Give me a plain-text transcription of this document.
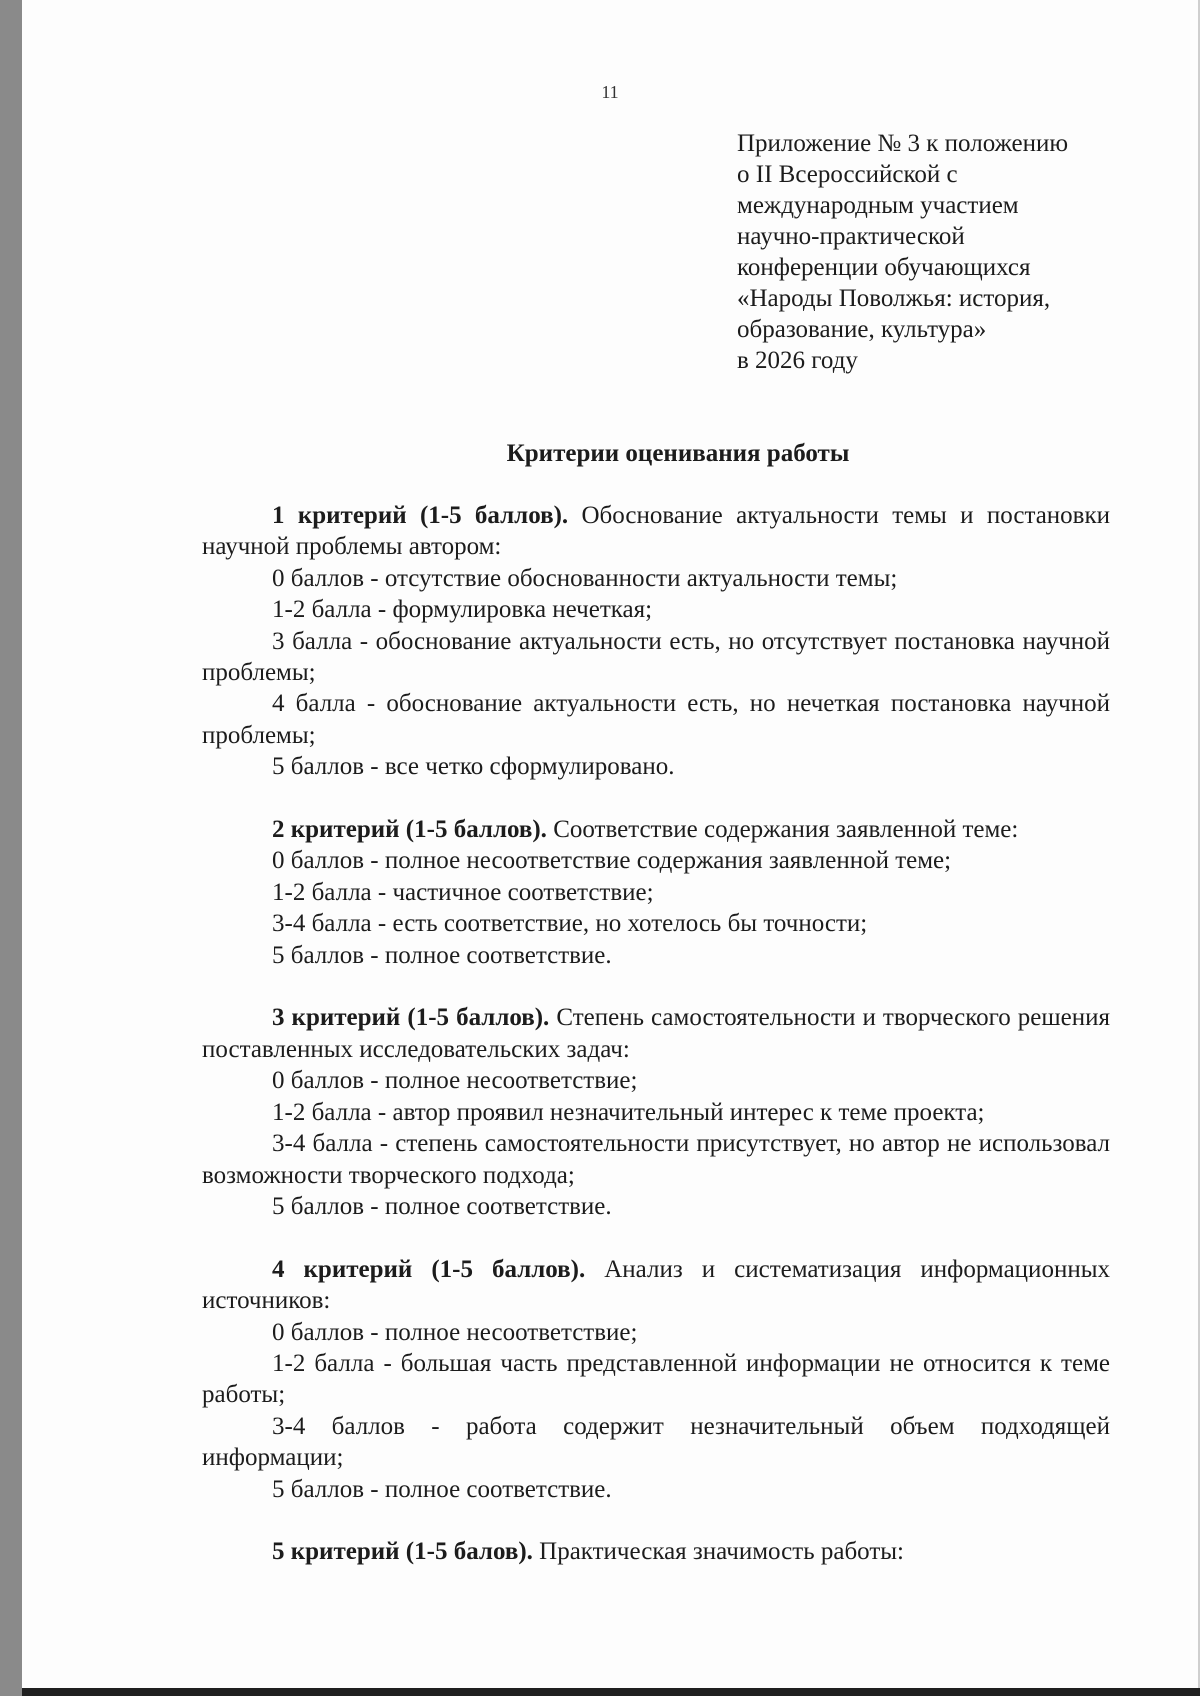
11
Приложение № 3 к положению
о II Всероссийской с
международным участием
научно-практической
конференции обучающихся
«Народы Поволжья: история,
образование, культура»
в 2026 году
Критерии оценивания работы

1 критерий (1-5 баллов). Обоснование актуальности темы и постановки научной проблемы автором:

0 баллов - отсутствие обоснованности актуальности темы;

1-2 балла - формулировка нечеткая;

3 балла - обоснование актуальности есть, но отсутствует постановка научной проблемы;

4 балла - обоснование актуальности есть, но нечеткая постановка научной проблемы;

5 баллов - все четко сформулировано.

2 критерий (1-5 баллов). Соответствие содержания заявленной теме:

0 баллов - полное несоответствие содержания заявленной теме;

1-2 балла - частичное соответствие;

3-4 балла - есть соответствие, но хотелось бы точности;

5 баллов - полное соответствие.

3 критерий (1-5 баллов). Степень самостоятельности и творческого решения поставленных исследовательских задач:

0 баллов - полное несоответствие;

1-2 балла - автор проявил незначительный интерес к теме проекта;

3-4 балла - степень самостоятельности присутствует, но автор не использовал возможности творческого подхода;

5 баллов - полное соответствие.

4 критерий (1-5 баллов). Анализ и систематизация информационных источников:

0 баллов - полное несоответствие;

1-2 балла - большая часть представленной информации не относится к теме работы;

3-4 баллов - работа содержит незначительный объем подходящей информации;

5 баллов - полное соответствие.

5 критерий (1-5 балов). Практическая значимость работы:
